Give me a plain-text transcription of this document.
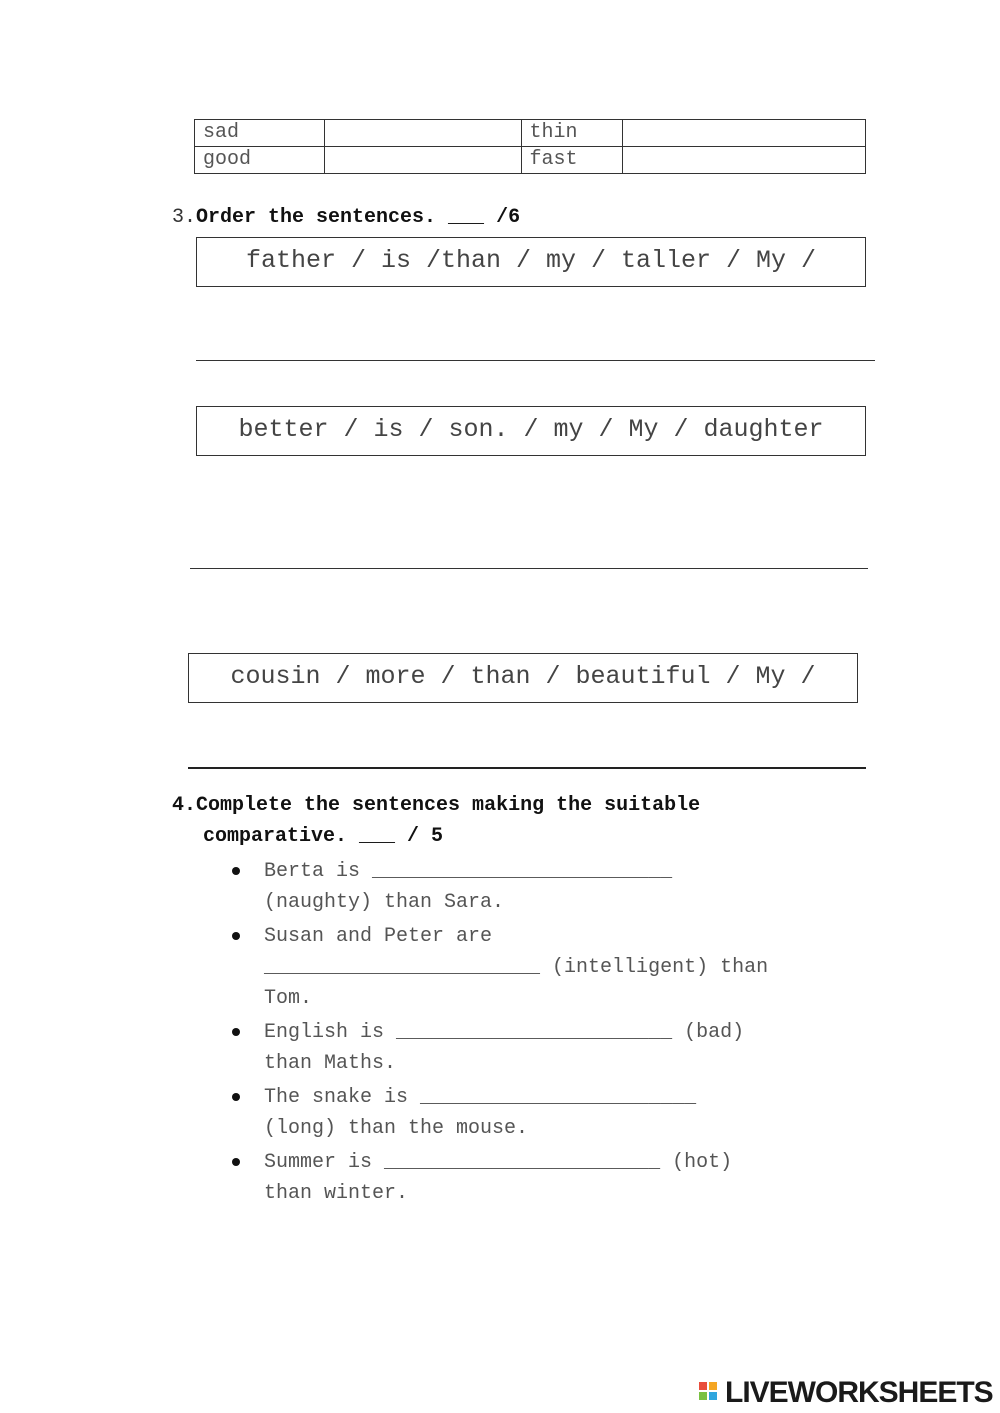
sad		thin	
good		fast	
3.Order the sentences. ___ /6
father / is /than / my / taller / My /
better / is / son. / my / My / daughter
cousin / more / than / beautiful / My /
4.Complete the sentences making the suitable
comparative. ___ / 5
Berta is _________________________
(naughty) than Sara.
Susan and Peter are
_______________________ (intelligent) than
Tom.
English is _______________________ (bad)
than Maths.
The snake is _______________________
(long) than the mouse.
Summer is _______________________ (hot)
than winter.
LIVEWORKSHEETS
